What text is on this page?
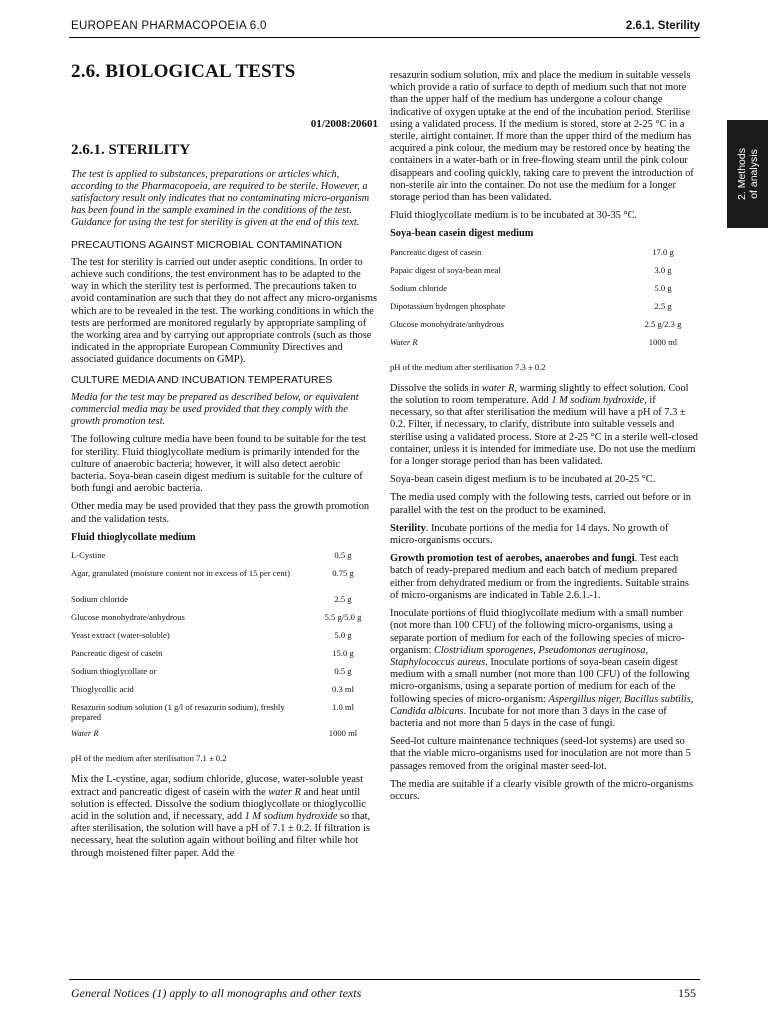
EUROPEAN PHARMACOPOEIA 6.0	2.6.1. Sterility
2. Methods of analysis
2.6. BIOLOGICAL TESTS
01/2008:20601
2.6.1. STERILITY

The test is applied to substances, preparations or articles which, according to the Pharmacopoeia, are required to be sterile. However, a satisfactory result only indicates that no contaminating micro-organism has been found in the sample examined in the conditions of the test. Guidance for using the test for sterility is given at the end of this text.

PRECAUTIONS AGAINST MICROBIAL CONTAMINATION

The test for sterility is carried out under aseptic conditions. In order to achieve such conditions, the test environment has to be adapted to the way in which the sterility test is performed. The precautions taken to avoid contamination are such that they do not affect any micro-organisms which are to be revealed in the test. The working conditions in which the tests are performed are monitored regularly by appropriate sampling of the working area and by carrying out appropriate controls (such as those indicated in the appropriate European Community Directives and associated guidance documents on GMP).

CULTURE MEDIA AND INCUBATION TEMPERATURES

Media for the test may be prepared as described below, or equivalent commercial media may be used provided that they comply with the growth promotion test.

The following culture media have been found to be suitable for the test for sterility. Fluid thioglycollate medium is primarily intended for the culture of anaerobic bacteria; however, it will also detect aerobic bacteria. Soya-bean casein digest medium is suitable for the culture of both fungi and aerobic bacteria.

Other media may be used provided that they pass the growth promotion and the validation tests.

Fluid thioglycollate medium
L-Cystine	0.5 g
Agar, granulated (moisture content not in excess of 15 per cent)	0.75 g
Sodium chloride	2.5 g
Glucose monohydrate/anhydrous	5.5 g/5.0 g
Yeast extract (water-soluble)	5.0 g
Pancreatic digest of casein	15.0 g
Sodium thioglycollate or	0.5 g
Thioglycollic acid	0.3 ml
Resazurin sodium solution (1 g/l of resazurin sodium), freshly prepared	1.0 ml
Water R	1000 ml
pH of the medium after sterilisation 7.1 ± 0.2

Mix the L-cystine, agar, sodium chloride, glucose, water-soluble yeast extract and pancreatic digest of casein with the water R and heat until solution is effected. Dissolve the sodium thioglycollate or thioglycollic acid in the solution and, if necessary, add 1 M sodium hydroxide so that, after sterilisation, the solution will have a pH of 7.1 ± 0.2. If filtration is necessary, heat the solution again without boiling and filter while hot through moistened filter paper. Add the

resazurin sodium solution, mix and place the medium in suitable vessels which provide a ratio of surface to depth of medium such that not more than the upper half of the medium has undergone a colour change indicative of oxygen uptake at the end of the incubation period. Sterilise using a validated process. If the medium is stored, store at 2-25 °C in a sterile, airtight container. If more than the upper third of the medium has acquired a pink colour, the medium may be restored once by heating the containers in a water-bath or in free-flowing steam until the pink colour disappears and cooling quickly, taking care to prevent the introduction of non-sterile air into the container. Do not use the medium for a longer storage period than has been validated.

Fluid thioglycollate medium is to be incubated at 30-35 °C.

Soya-bean casein digest medium
Pancreatic digest of casein	17.0 g
Papaic digest of soya-bean meal	3.0 g
Sodium chloride	5.0 g
Dipotassium hydrogen phosphate	2.5 g
Glucose monohydrate/anhydrous	2.5 g/2.3 g
Water R	1000 ml
pH of the medium after sterilisation 7.3 ± 0.2

Dissolve the solids in water R, warming slightly to effect solution. Cool the solution to room temperature. Add 1 M sodium hydroxide, if necessary, so that after sterilisation the medium will have a pH of 7.3 ± 0.2. Filter, if necessary, to clarify, distribute into suitable vessels and sterilise using a validated process. Store at 2-25 °C in a sterile well-closed container, unless it is intended for immediate use. Do not use the medium for a longer storage period than has been validated.

Soya-bean casein digest medium is to be incubated at 20-25 °C.

The media used comply with the following tests, carried out before or in parallel with the test on the product to be examined.

Sterility. Incubate portions of the media for 14 days. No growth of micro-organisms occurs.

Growth promotion test of aerobes, anaerobes and fungi. Test each batch of ready-prepared medium and each batch of medium prepared either from dehydrated medium or from the ingredients. Suitable strains of micro-organisms are indicated in Table 2.6.1.-1.

Inoculate portions of fluid thioglycollate medium with a small number (not more than 100 CFU) of the following micro-organisms, using a separate portion of medium for each of the following species of micro-organism: Clostridium sporogenes, Pseudomonas aeruginosa, Staphylococcus aureus. Inoculate portions of soya-bean casein digest medium with a small number (not more than 100 CFU) of the following micro-organisms, using a separate portion of medium for each of the following species of micro-organism: Aspergillus niger, Bacillus subtilis, Candida albicans. Incubate for not more than 3 days in the case of bacteria and not more than 5 days in the case of fungi.

Seed-lot culture maintenance techniques (seed-lot systems) are used so that the viable micro-organisms used for inoculation are not more than 5 passages removed from the original master seed-lot.

The media are suitable if a clearly visible growth of the micro-organisms occurs.

General Notices (1) apply to all monographs and other texts	155
